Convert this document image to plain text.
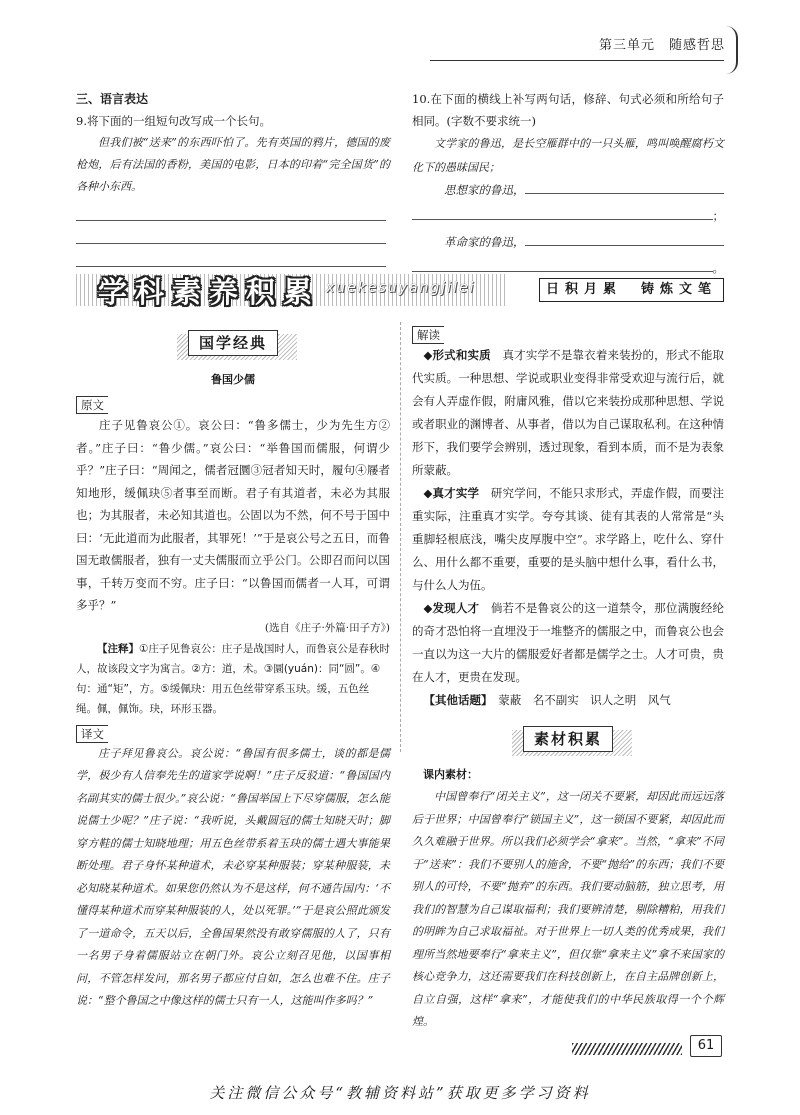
第三单元　随感哲思
三、语言表达

9.将下面的一组短句改写成一个长句。

但我们被“送来”的东西吓怕了。先有英国的鸦片，德国的废枪炮，后有法国的香粉，美国的电影，日本的印着“完全国货”的各种小东西。

10.在下面的横线上补写两句话，修辞、句式必须和所给句子相同。(字数不要求统一)

文学家的鲁迅，是长空雁群中的一只头雁，鸣叫唤醒腐朽文化下的愚昧国民；

思想家的鲁迅，
；
革命家的鲁迅，
。
学科素养积累 xuekesuyangjilei	日积月累　铸炼文笔
国学经典
鲁国少儒
原文

庄子见鲁哀公①。哀公曰：“鲁多儒士，少为先生方②者。”庄子曰：“鲁少儒。”哀公曰：“举鲁国而儒服，何谓少乎？”庄子曰：“周闻之，儒者冠圜③冠者知天时，履句④屦者知地形，缓佩玦⑤者事至而断。君子有其道者，未必为其服也；为其服者，未必知其道也。公固以为不然，何不号于国中曰：‘无此道而为此服者，其罪死！’”于是哀公号之五日，而鲁国无敢儒服者，独有一丈夫儒服而立乎公门。公即召而问以国事，千转万变而不穷。庄子曰：“以鲁国而儒者一人耳，可谓多乎？”

(选自《庄子·外篇·田子方》)

【注释】①庄子见鲁哀公：庄子是战国时人，而鲁哀公是春秋时人，故该段文字为寓言。②方：道，术。③圜(yuán)：同“圆”。④句：通“矩”，方。⑤缓佩玦：用五色丝带穿系玉玦。缓，五色丝绳。佩，佩饰。玦，环形玉器。

译文

庄子拜见鲁哀公。哀公说：“鲁国有很多儒士，谈的都是儒学，极少有人信奉先生的道家学说啊！”庄子反驳道：“鲁国国内名副其实的儒士很少。”哀公说：“鲁国举国上下尽穿儒服，怎么能说儒士少呢？”庄子说：“我听说，头戴圆冠的儒士知晓天时；脚穿方鞋的儒士知晓地理；用五色丝带系着玉玦的儒士遇大事能果断处理。君子身怀某种道术，未必穿某种服装；穿某种服装，未必知晓某种道术。如果您仍然认为不是这样，何不通告国内：‘不懂得某种道术而穿某种服装的人，处以死罪。’”于是哀公照此颁发了一道命令，五天以后，全鲁国果然没有敢穿儒服的人了，只有一名男子身着儒服站立在朝门外。哀公立刻召见他，以国事相问，不管怎样发问，那名男子都应付自如，怎么也难不住。庄子说：“整个鲁国之中像这样的儒士只有一人，这能叫作多吗？”

解读

◆形式和实质　 真才实学不是靠衣着来装扮的，形式不能取代实质。一种思想、学说或职业变得非常受欢迎与流行后，就会有人弄虚作假，附庸风雅，借以它来装扮成那种思想、学说或者职业的渊博者、从事者，借以为自己谋取私利。在这种情形下，我们要学会辨别，透过现象，看到本质，而不是为表象所蒙蔽。

◆真才实学　 研究学问，不能只求形式，弄虚作假，而要注重实际，注重真才实学。夸夸其谈、徒有其表的人常常是“头重脚轻根底浅，嘴尖皮厚腹中空”。求学路上，吃什么、穿什么、用什么都不重要，重要的是头脑中想什么事，看什么书，与什么人为伍。

◆发现人才　 倘若不是鲁哀公的这一道禁令，那位满腹经纶的奇才恐怕将一直埋没于一堆整齐的儒服之中，而鲁哀公也会一直以为这一大片的儒服爱好者都是儒学之士。人才可贵，贵在人才，更贵在发现。

【其他话题】　 蒙蔽　名不副实　识人之明　风气

素材积累
课内素材：

中国曾奉行“闭关主义”，这一闭关不要紧，却因此而远远落后于世界；中国曾奉行“锁国主义”，这一锁国不要紧，却因此而久久难融于世界。所以我们必须学会“拿来”。当然，“拿来”不同于“送来”：我们不要别人的施舍，不要“抛给”的东西；我们不要别人的可怜，不要“抛弃”的东西。我们要动脑筋，独立思考，用我们的智慧为自己谋取福利；我们要辨清楚，剔除糟粕，用我们的明眸为自己求取福祉。对于世界上一切人类的优秀成果，我们理所当然地要奉行“拿来主义”，但仅靠“拿来主义”拿不来国家的核心竞争力，这还需要我们在科技创新上，在自主品牌创新上，自立自强，这样“拿来”，才能使我们的中华民族取得一个个辉煌。

61
关注微信公众号“教辅资料站”获取更多学习资料
